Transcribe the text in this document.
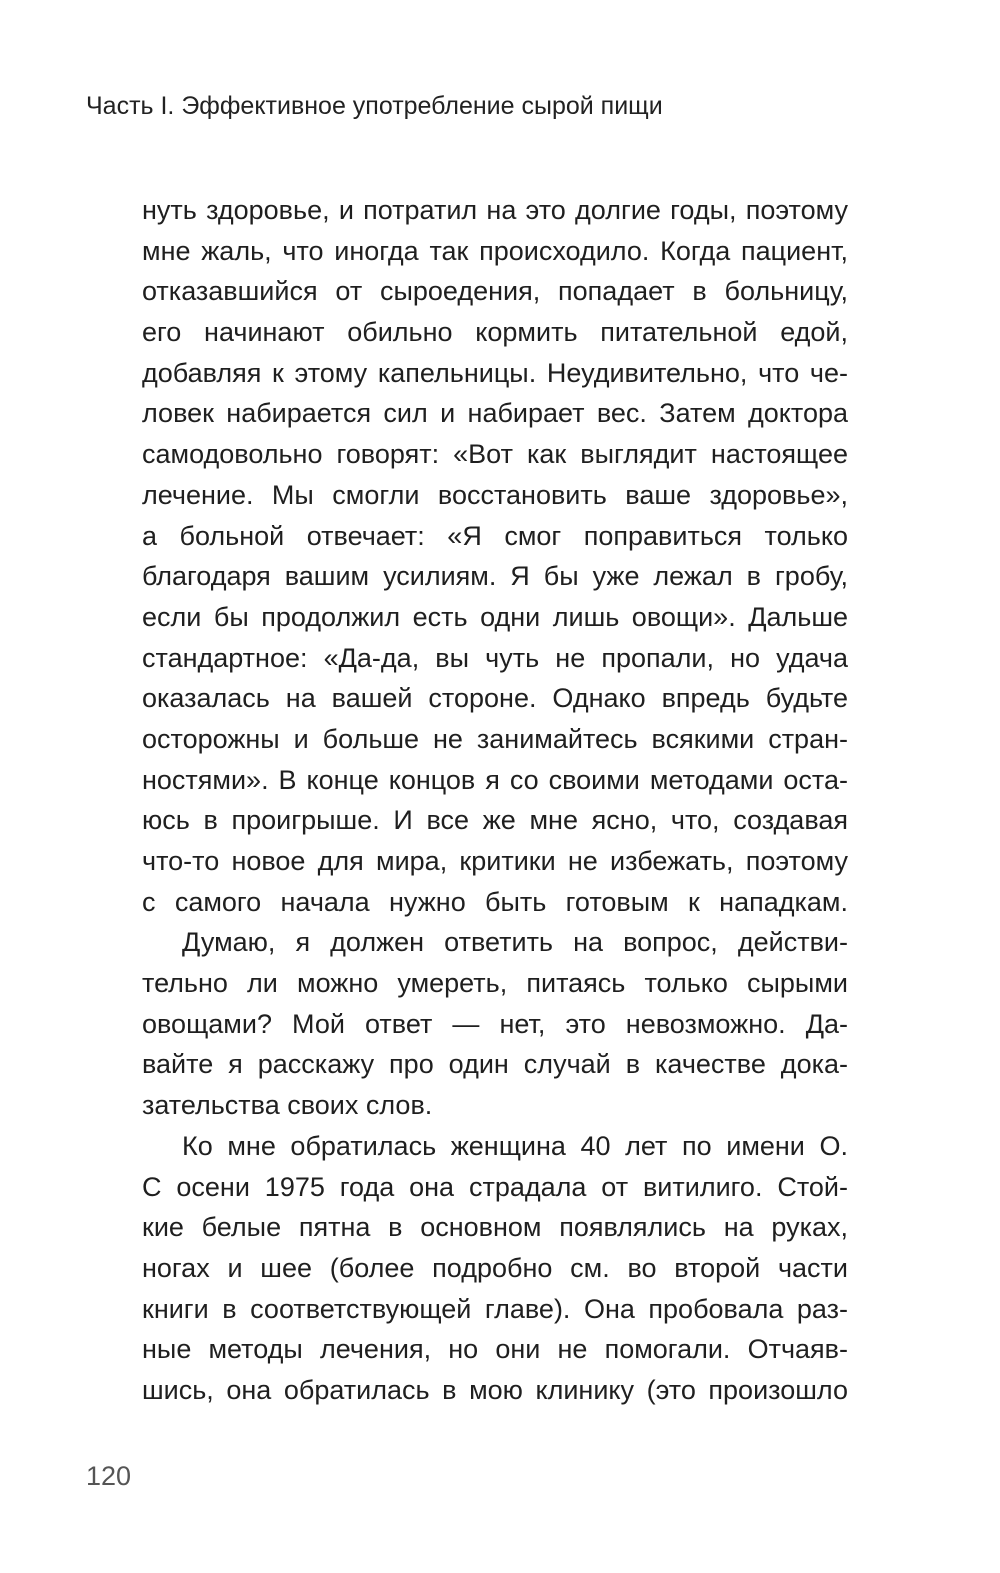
Часть I. Эффективное употребление сырой пищи
нуть здоровье, и потратил на это долгие годы, поэтому
мне жаль, что иногда так происходило. Когда пациент,
отказавшийся от сыроедения, попадает в больницу,
его начинают обильно кормить питательной едой,
добавляя к этому капельницы. Неудивительно, что че-
ловек набирается сил и набирает вес. Затем доктора
самодовольно говорят: «Вот как выглядит настоящее
лечение. Мы смогли восстановить ваше здоровье»,
а больной отвечает: «Я смог поправиться только
благодаря вашим усилиям. Я бы уже лежал в гробу,
если бы продолжил есть одни лишь овощи». Дальше
стандартное: «Да-да, вы чуть не пропали, но удача
оказалась на вашей стороне. Однако впредь будьте
осторожны и больше не занимайтесь всякими стран-
ностями». В конце концов я со своими методами оста-
юсь в проигрыше. И все же мне ясно, что, создавая
что-то новое для мира, критики не избежать, поэтому
с самого начала нужно быть готовым к нападкам.
Думаю, я должен ответить на вопрос, действи-
тельно ли можно умереть, питаясь только сырыми
овощами? Мой ответ — нет, это невозможно. Да-
вайте я расскажу про один случай в качестве дока-
зательства своих слов.
Ко мне обратилась женщина 40 лет по имени О.
С осени 1975 года она страдала от витилиго. Стой-
кие белые пятна в основном появлялись на руках,
ногах и шее (более подробно см. во второй части
книги в соответствующей главе). Она пробовала раз-
ные методы лечения, но они не помогали. Отчаяв-
шись, она обратилась в мою клинику (это произошло
120
